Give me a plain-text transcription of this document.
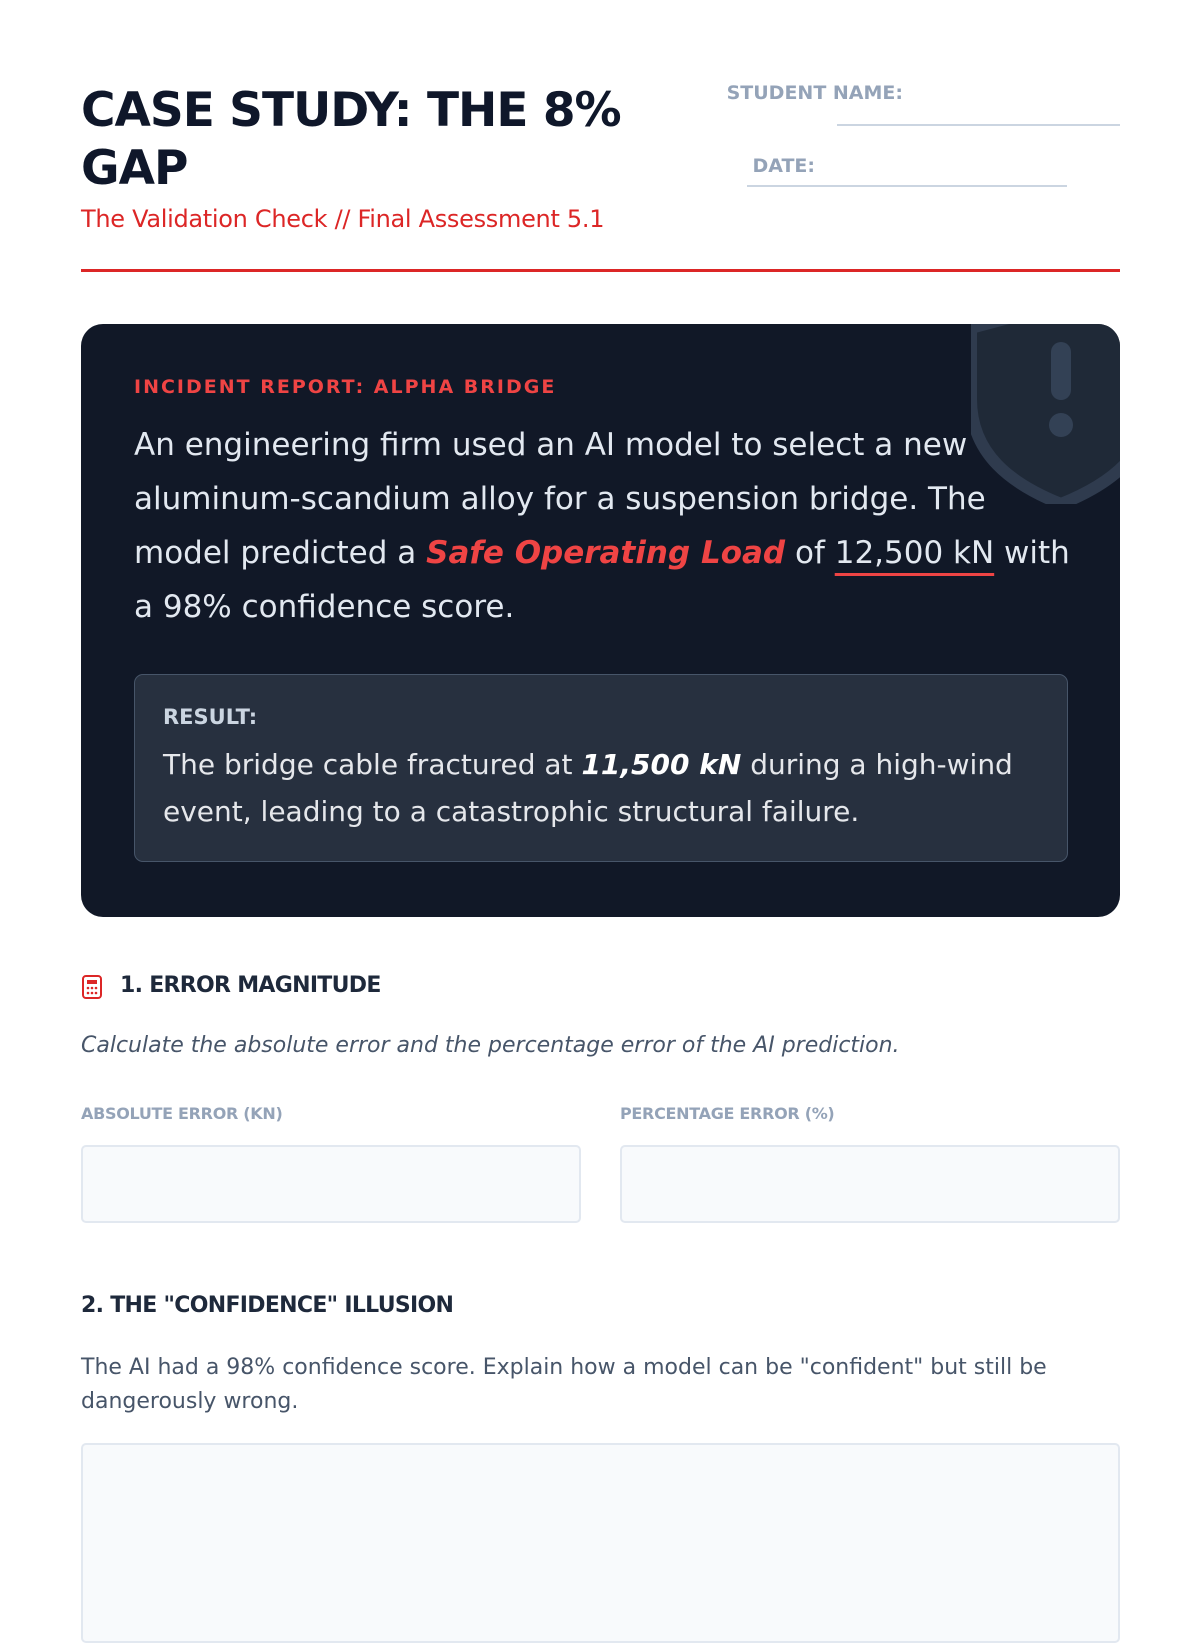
CASE STUDY: THE 8% GAP
The Validation Check // Final Assessment 5.1
STUDENT NAME:
DATE:
INCIDENT REPORT: ALPHA BRIDGE

An engineering firm used an AI model to select a new aluminum-scandium alloy for a suspension bridge. The model predicted a Safe Operating Load of 12,500 kN with a 98% confidence score.

RESULT:

The bridge cable fractured at 11,500 kN during a high-wind event, leading to a catastrophic structural failure.

1. ERROR MAGNITUDE
Calculate the absolute error and the percentage error of the AI prediction.
ABSOLUTE ERROR (KN)	PERCENTAGE ERROR (%)
2. THE "CONFIDENCE" ILLUSION

The AI had a 98% confidence score. Explain how a model can be "confident" but still be dangerously wrong.
